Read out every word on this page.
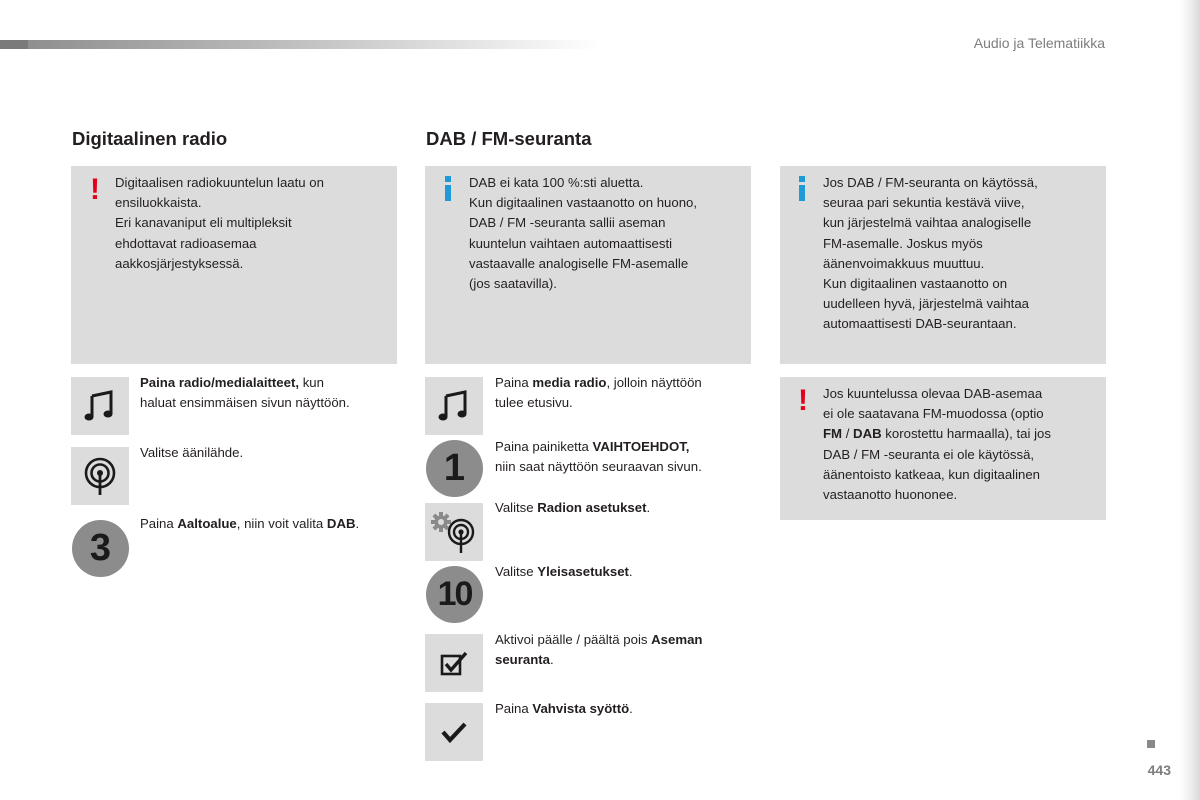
Audio ja Telematiikka
Digitaalinen radio
! Digitaalisen radiokuuntelun laatu on
ensiluokkaista.
Eri kanavaniput eli multipleksit
ehdottavat radioasemaa
aakkosjärjestyksessä.
Paina radio/medialaitteet, kun
haluat ensimmäisen sivun näyttöön.
Valitse äänilähde.
3
Paina Aaltoalue, niin voit valita DAB.
DAB / FM-seuranta
DAB ei kata 100 %:sti aluetta.
Kun digitaalinen vastaanotto on huono,
DAB / FM -seuranta sallii aseman
kuuntelun vaihtaen automaattisesti
vastaavalle analogiselle FM-asemalle
(jos saatavilla).
Paina media radio, jolloin näyttöön
tulee etusivu.
1
Paina painiketta VAIHTOEHDOT,
niin saat näyttöön seuraavan sivun.
Valitse Radion asetukset.
10
Valitse Yleisasetukset.
Aktivoi päälle / päältä pois Aseman
seuranta.
Paina Vahvista syöttö.
Jos DAB / FM-seuranta on käytössä,
seuraa pari sekuntia kestävä viive,
kun järjestelmä vaihtaa analogiselle
FM-asemalle. Joskus myös
äänenvoimakkuus muuttuu.
Kun digitaalinen vastaanotto on
uudelleen hyvä, järjestelmä vaihtaa
automaattisesti DAB-seurantaan.
! Jos kuuntelussa olevaa DAB-asemaa
ei ole saatavana FM-muodossa (optio
FM / DAB korostettu harmaalla), tai jos
DAB / FM -seuranta ei ole käytössä,
äänentoisto katkeaa, kun digitaalinen
vastaanotto huononee.
443
